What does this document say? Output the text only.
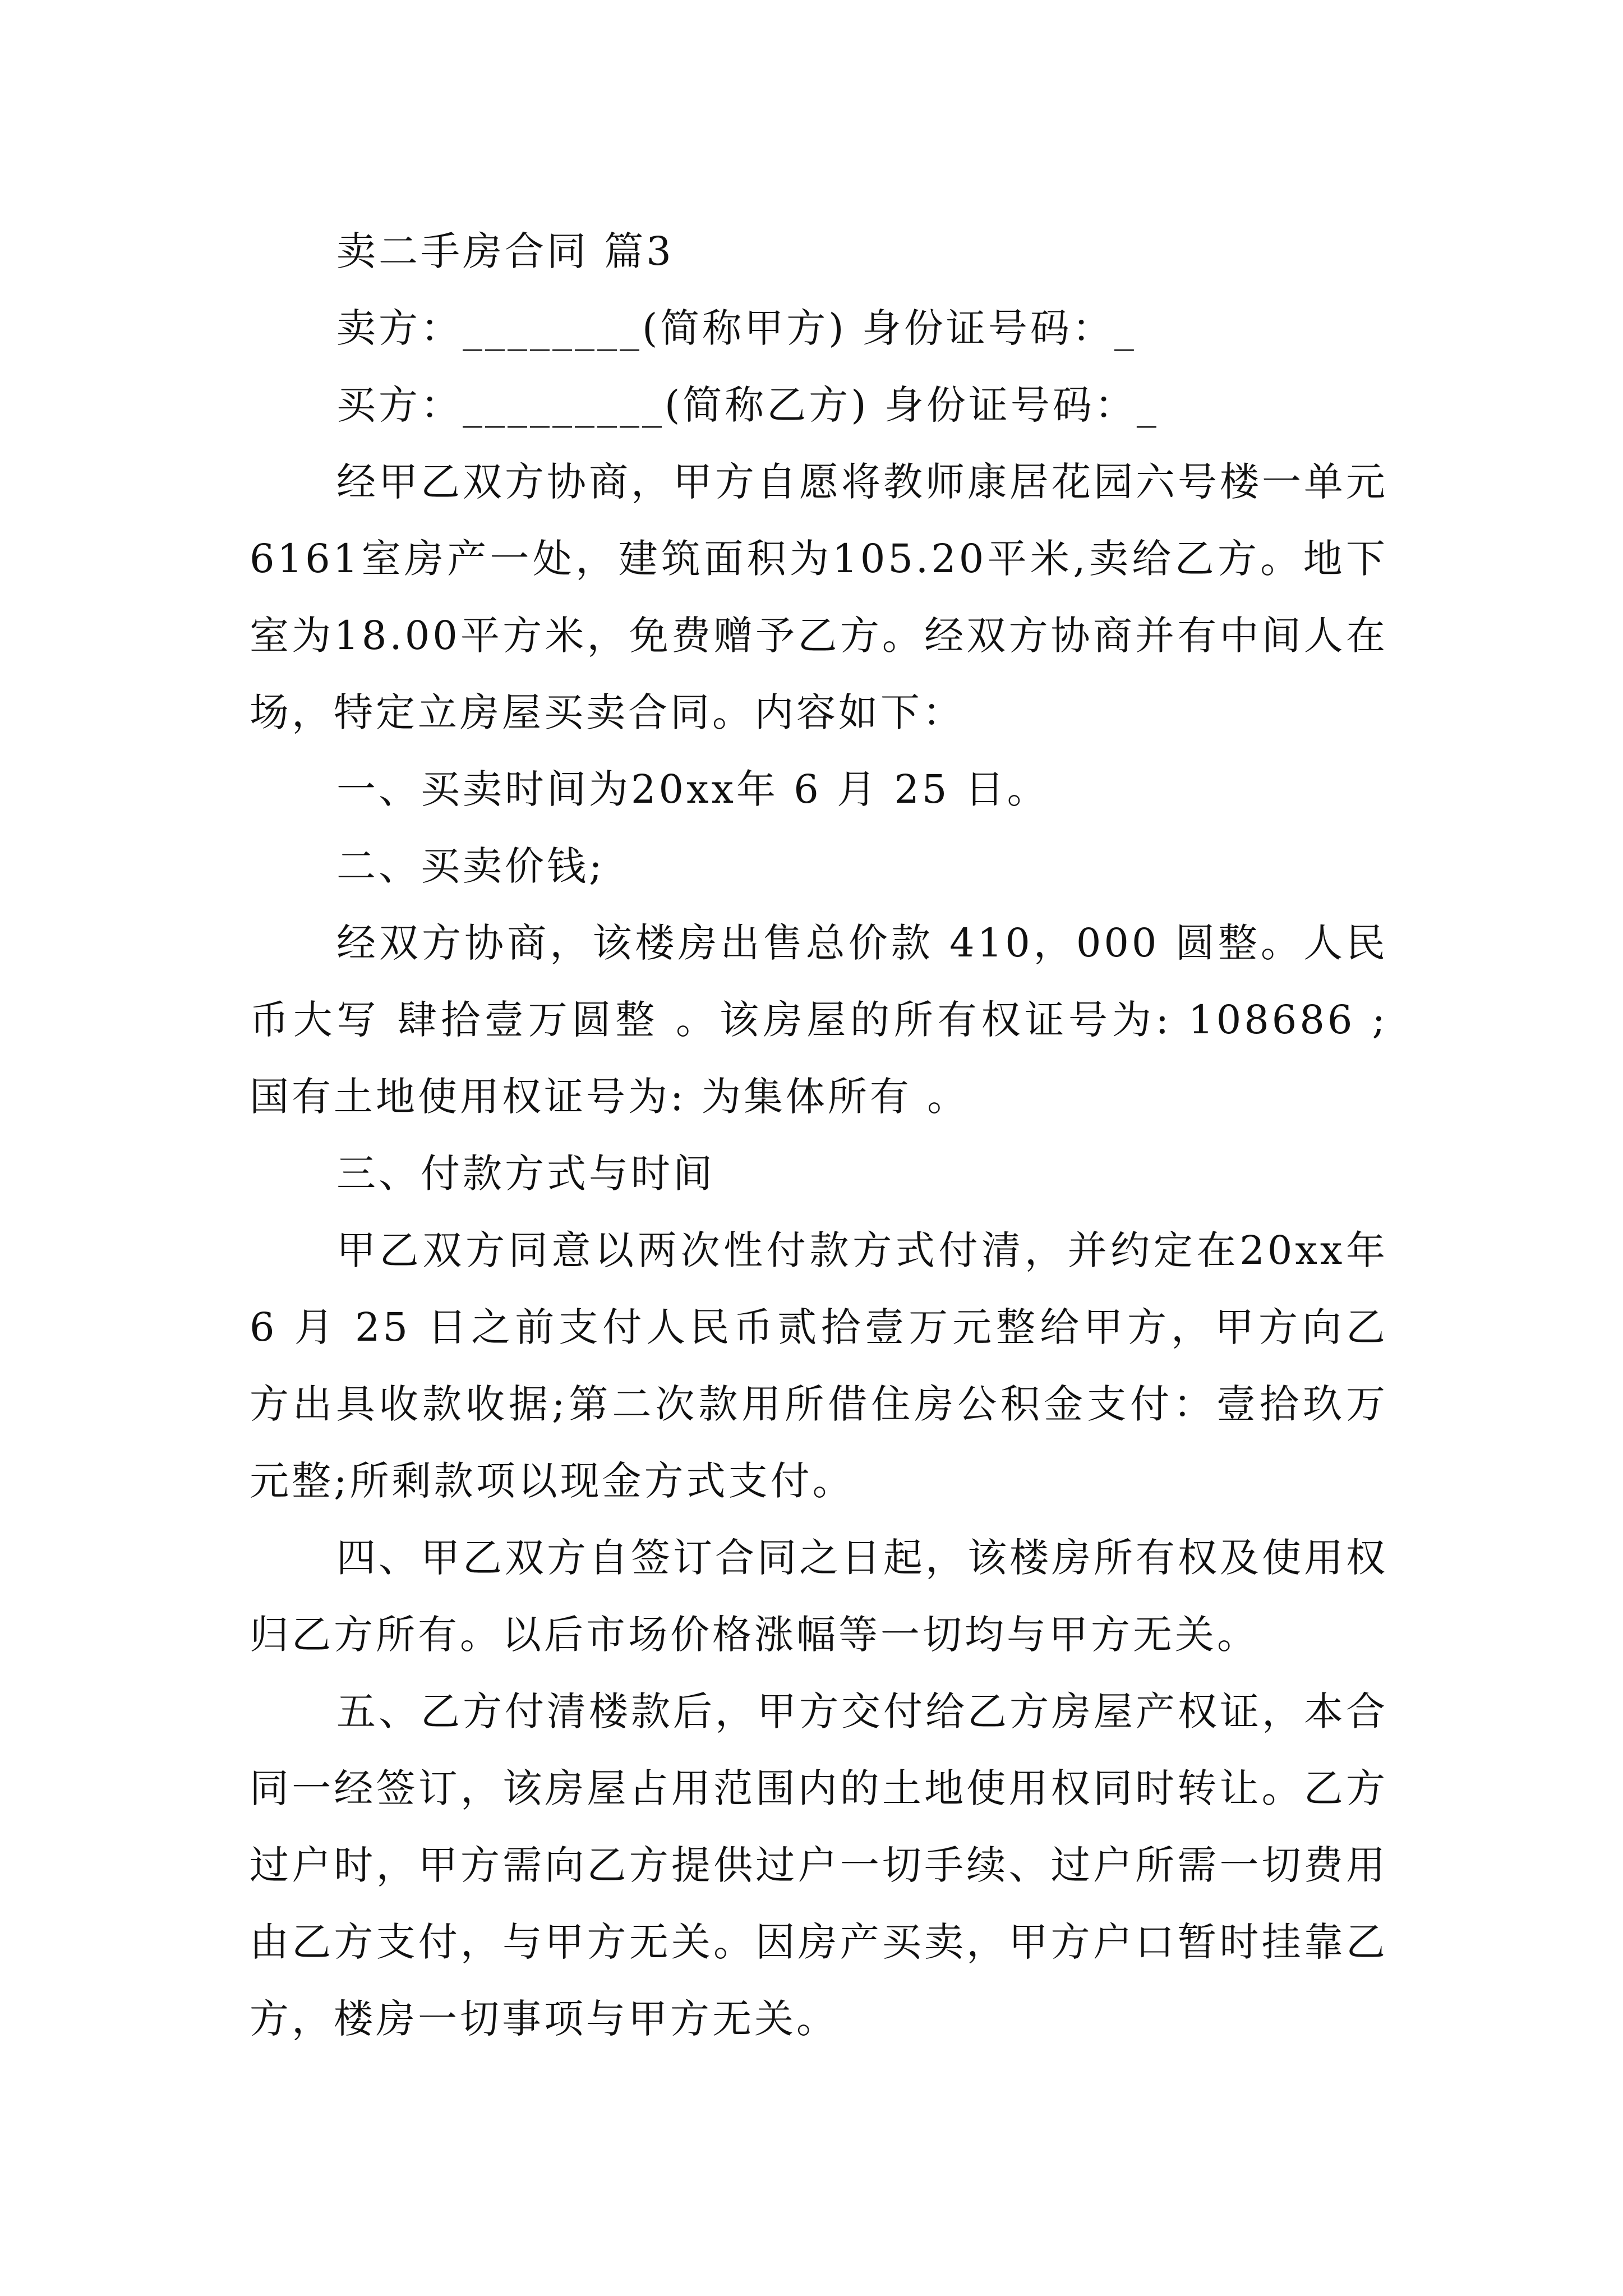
卖二手房合同 篇3

卖方：________(简称甲方) 身份证号码：_

买方：_________(简称乙方) 身份证号码：_

经甲乙双方协商，甲方自愿将教师康居花园六号楼一单元6161室房产一处，建筑面积为105.20平米,卖给乙方。地下室为18.00平方米，免费赠予乙方。经双方协商并有中间人在场，特定立房屋买卖合同。内容如下：

一、买卖时间为20xx年 6 月 25 日。

二、买卖价钱;

经双方协商，该楼房出售总价款 410，000 圆整。人民币大写 肆拾壹万圆整 。该房屋的所有权证号为: 108686 ;国有土地使用权证号为: 为集体所有 。

三、付款方式与时间

甲乙双方同意以两次性付款方式付清，并约定在20xx年 6 月 25 日之前支付人民币贰拾壹万元整给甲方，甲方向乙方出具收款收据;第二次款用所借住房公积金支付：壹拾玖万元整;所剩款项以现金方式支付。

四、甲乙双方自签订合同之日起，该楼房所有权及使用权归乙方所有。以后市场价格涨幅等一切均与甲方无关。

五、乙方付清楼款后，甲方交付给乙方房屋产权证，本合同一经签订，该房屋占用范围内的土地使用权同时转让。乙方过户时，甲方需向乙方提供过户一切手续、过户所需一切费用由乙方支付，与甲方无关。因房产买卖，甲方户口暂时挂靠乙方，楼房一切事项与甲方无关。
